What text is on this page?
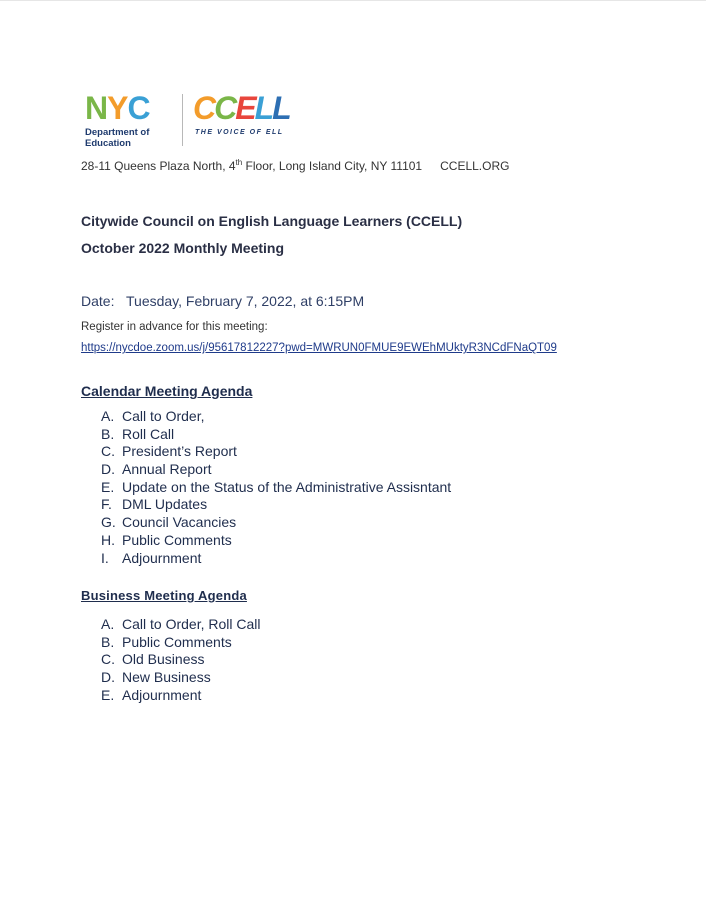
NYC
Department of
Education
CCELL
THE VOICE OF ELL
28-11 Queens Plaza North, 4th Floor, Long Island City, NY 11101 CCELL.ORG
Citywide Council on English Language Learners (CCELL)
October 2022 Monthly Meeting
Date: Tuesday, February 7, 2022, at 6:15PM
Register in advance for this meeting:
https://nycdoe.zoom.us/j/95617812227?pwd=MWRUN0FMUE9EWEhMUktyR3NCdFNaQT09
Calendar Meeting Agenda
A. Call to Order,
B. Roll Call
C. President’s Report
D. Annual Report
E. Update on the Status of the Administrative Assisntant
F. DML Updates
G. Council Vacancies
H. Public Comments
I. Adjournment
Business Meeting Agenda
A. Call to Order, Roll Call
B. Public Comments
C. Old Business
D. New Business
E. Adjournment
